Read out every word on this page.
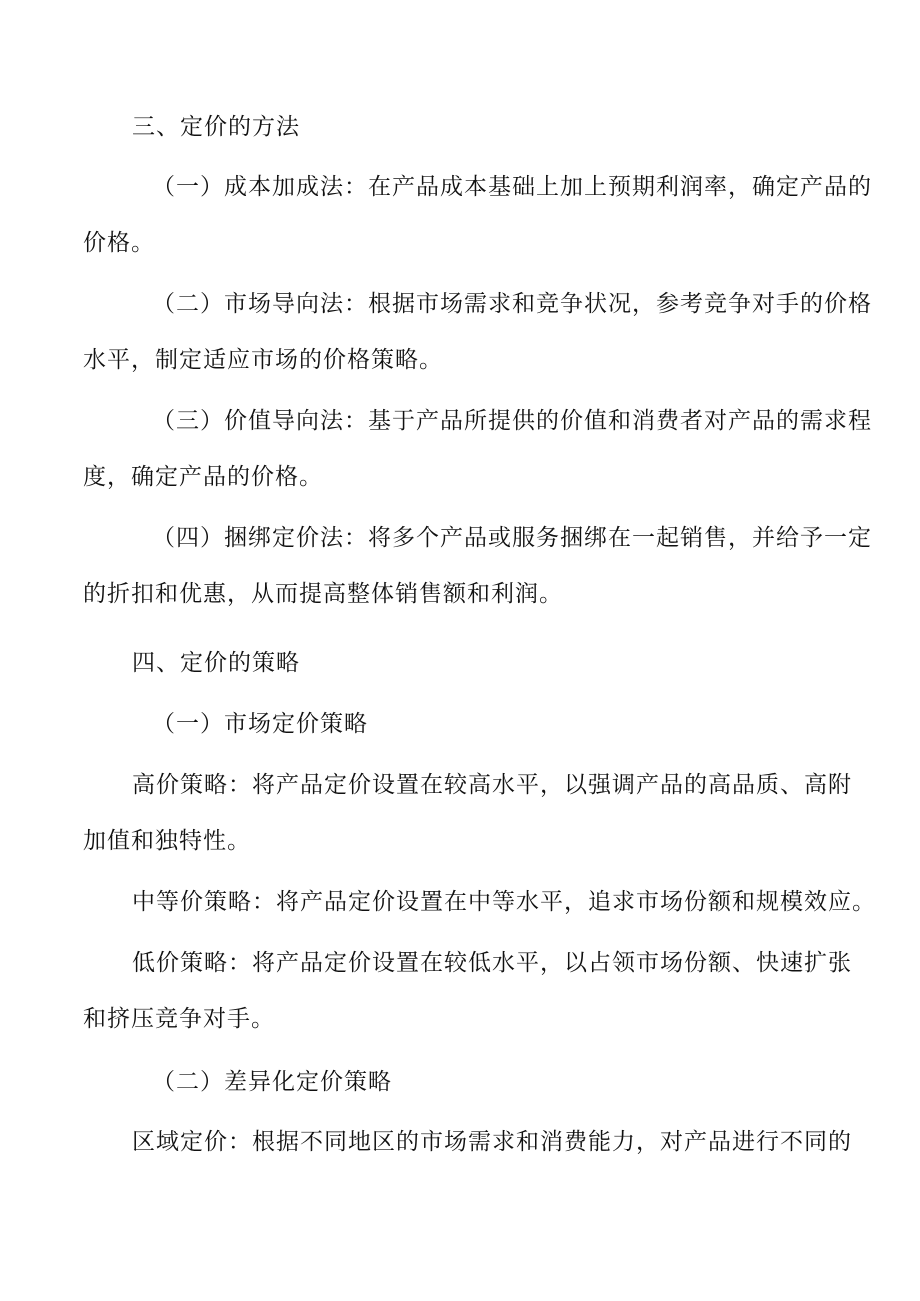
三、定价的方法
（一）成本加成法：在产品成本基础上加上预期利润率，确定产品的
价格。
（二）市场导向法：根据市场需求和竞争状况，参考竞争对手的价格
水平，制定适应市场的价格策略。
（三）价值导向法：基于产品所提供的价值和消费者对产品的需求程
度，确定产品的价格。
（四）捆绑定价法：将多个产品或服务捆绑在一起销售，并给予一定
的折扣和优惠，从而提高整体销售额和利润。
四、定价的策略
（一）市场定价策略
高价策略：将产品定价设置在较高水平，以强调产品的高品质、高附
加值和独特性。
中等价策略：将产品定价设置在中等水平，追求市场份额和规模效应。
低价策略：将产品定价设置在较低水平，以占领市场份额、快速扩张
和挤压竞争对手。
（二）差异化定价策略
区域定价：根据不同地区的市场需求和消费能力，对产品进行不同的
